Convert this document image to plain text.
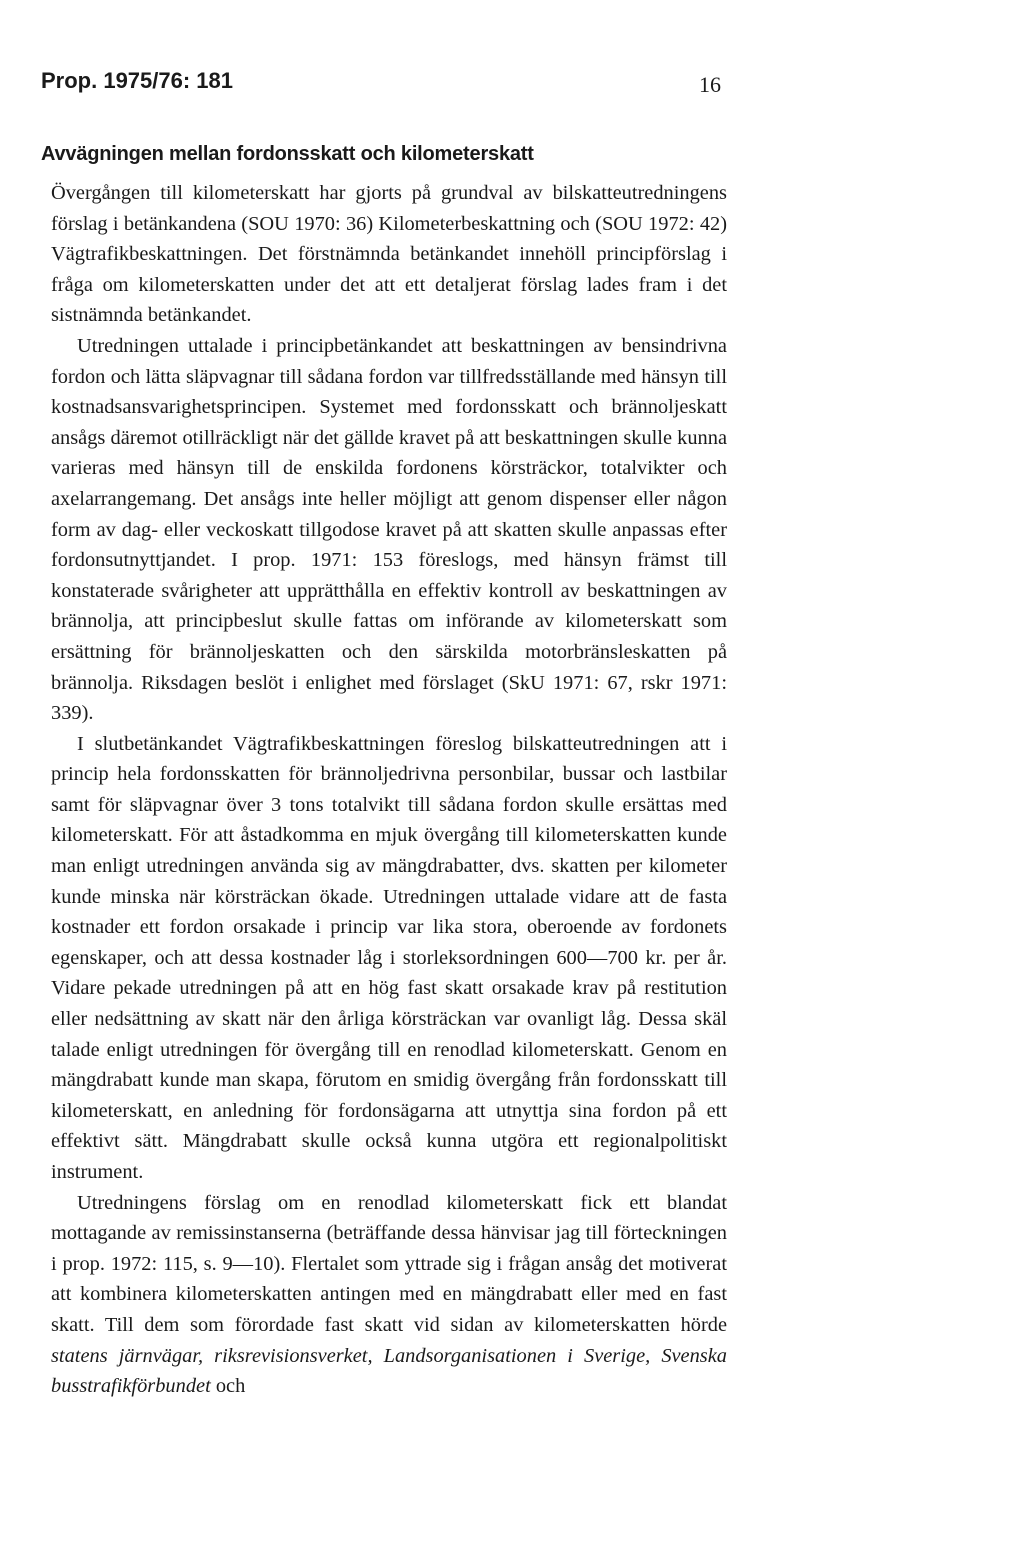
Prop. 1975/76: 181	16
Avvägningen mellan fordonsskatt och kilometerskatt

Övergången till kilometerskatt har gjorts på grundval av bilskatteutredningens förslag i betänkandena (SOU 1970: 36) Kilometerbeskattning och (SOU 1972: 42) Vägtrafikbeskattningen. Det förstnämnda betänkandet innehöll principförslag i fråga om kilometerskatten under det att ett detaljerat förslag lades fram i det sistnämnda betänkandet.

Utredningen uttalade i principbetänkandet att beskattningen av bensindrivna fordon och lätta släpvagnar till sådana fordon var tillfredsställande med hänsyn till kostnadsansvarighetsprincipen. Systemet med fordonsskatt och brännoljeskatt ansågs däremot otillräckligt när det gällde kravet på att beskattningen skulle kunna varieras med hänsyn till de enskilda fordonens körsträckor, totalvikter och axelarrangemang. Det ansågs inte heller möjligt att genom dispenser eller någon form av dag- eller veckoskatt tillgodose kravet på att skatten skulle anpassas efter fordonsutnyttjandet. I prop. 1971: 153 föreslogs, med hänsyn främst till konstaterade svårigheter att upprätthålla en effektiv kontroll av beskattningen av brännolja, att principbeslut skulle fattas om införande av kilometerskatt som ersättning för brännoljeskatten och den särskilda motorbränsleskatten på brännolja. Riksdagen beslöt i enlighet med förslaget (SkU 1971: 67, rskr 1971: 339).

I slutbetänkandet Vägtrafikbeskattningen föreslog bilskatteutredningen att i princip hela fordonsskatten för brännoljedrivna personbilar, bussar och lastbilar samt för släpvagnar över 3 tons totalvikt till sådana fordon skulle ersättas med kilometerskatt. För att åstadkomma en mjuk övergång till kilometerskatten kunde man enligt utredningen använda sig av mängdrabatter, dvs. skatten per kilometer kunde minska när körsträckan ökade. Utredningen uttalade vidare att de fasta kostnader ett fordon orsakade i princip var lika stora, oberoende av fordonets egenskaper, och att dessa kostnader låg i storleksordningen 600—700 kr. per år. Vidare pekade utredningen på att en hög fast skatt orsakade krav på restitution eller nedsättning av skatt när den årliga körsträckan var ovanligt låg. Dessa skäl talade enligt utredningen för övergång till en renodlad kilometerskatt. Genom en mängdrabatt kunde man skapa, förutom en smidig övergång från fordonsskatt till kilometerskatt, en anledning för fordonsägarna att utnyttja sina fordon på ett effektivt sätt. Mängdrabatt skulle också kunna utgöra ett regionalpolitiskt instrument.

Utredningens förslag om en renodlad kilometerskatt fick ett blandat mottagande av remissinstanserna (beträffande dessa hänvisar jag till förteckningen i prop. 1972: 115, s. 9—10). Flertalet som yttrade sig i frågan ansåg det motiverat att kombinera kilometerskatten antingen med en mängdrabatt eller med en fast skatt. Till dem som förordade fast skatt vid sidan av kilometerskatten hörde statens järnvägar, riksrevisionsverket, Landsorganisationen i Sverige, Svenska busstrafikförbundet och
